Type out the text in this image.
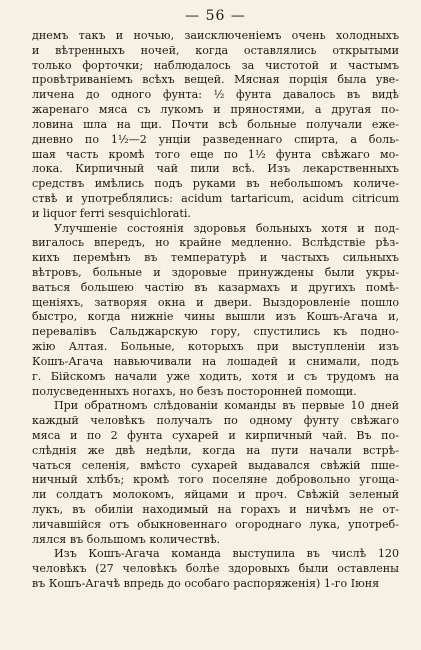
— 56 —
днемъ такъ и ночью, заисключеніемъ очень холодныхъ
и вѣтренныхъ ночей, когда оставлялись открытыми
только форточки; наблюдалось за чистотой и частымъ
провѣтриваніемъ всѣхъ вещей. Мясная порція была уве-
личена до одного фунта: ½ фунта давалось въ видѣ
жаренаго мяса съ лукомъ и пряностями, а другая по-
ловина шла на щи. Почти всѣ больные получали еже-
дневно по 1½—2 унціи разведеннаго спирта, а боль-
шая часть кромѣ того еще по 1½ фунта свѣжаго мо-
лока. Кирпичный чай пили всѣ. Изъ лекарственныхъ
средствъ имѣлись подъ руками въ небольшомъ количе-
ствѣ и употреблялись: acidum tartaricum, acidum citricum
и liquor ferri sesquichlorati.
Улучшеніе состоянія здоровья больныхъ хотя и под-
вигалось впередъ, но крайне медленно. Вслѣдствіе рѣз-
кихъ перемѣнъ въ температурѣ и частыхъ сильныхъ
вѣтровъ, больные и здоровые принуждены были укры-
ваться большею частію въ казармахъ и другихъ помѣ-
щеніяхъ, затворяя окна и двери. Выздоровленіе пошло
быстро, когда нижніе чины вышли изъ Кошъ-Агача и,
перевалівъ Сальджарскую гору, спустились къ подно-
жію Алтая. Больные, которыхъ при выступленіи изъ
Кошъ-Агача навьючивали на лошадей и снимали, подъ
г. Бійскомъ начали уже ходить, хотя и съ трудомъ на
полусведенныхъ ногахъ, но безъ посторонней помощи.
При обратномъ слѣдованіи команды въ первые 10 дней
каждый человѣкъ получалъ по одному фунту свѣжаго
мяса и по 2 фунта сухарей и кирпичный чай. Въ по-
слѣднія же двѣ недѣли, когда на пути начали встрѣ-
чаться селенія, вмѣсто сухарей выдавался свѣжій пше-
ничный хлѣбъ; кромѣ того поселяне добровольно угоща-
ли солдатъ молокомъ, яйцами и проч. Свѣжій зеленый
лукъ, въ обиліи находимый на горахъ и ничѣмъ не от-
личавшійся отъ обыкновеннаго огороднаго лука, употреб-
лялся въ большомъ количествѣ.
Изъ Кошъ-Агача команда выступила въ числѣ 120
человѣкъ (27 человѣкъ болѣе здоровыхъ были оставлены
въ Кошъ-Агачѣ впредь до особаго распоряженія) 1-го Іюня
